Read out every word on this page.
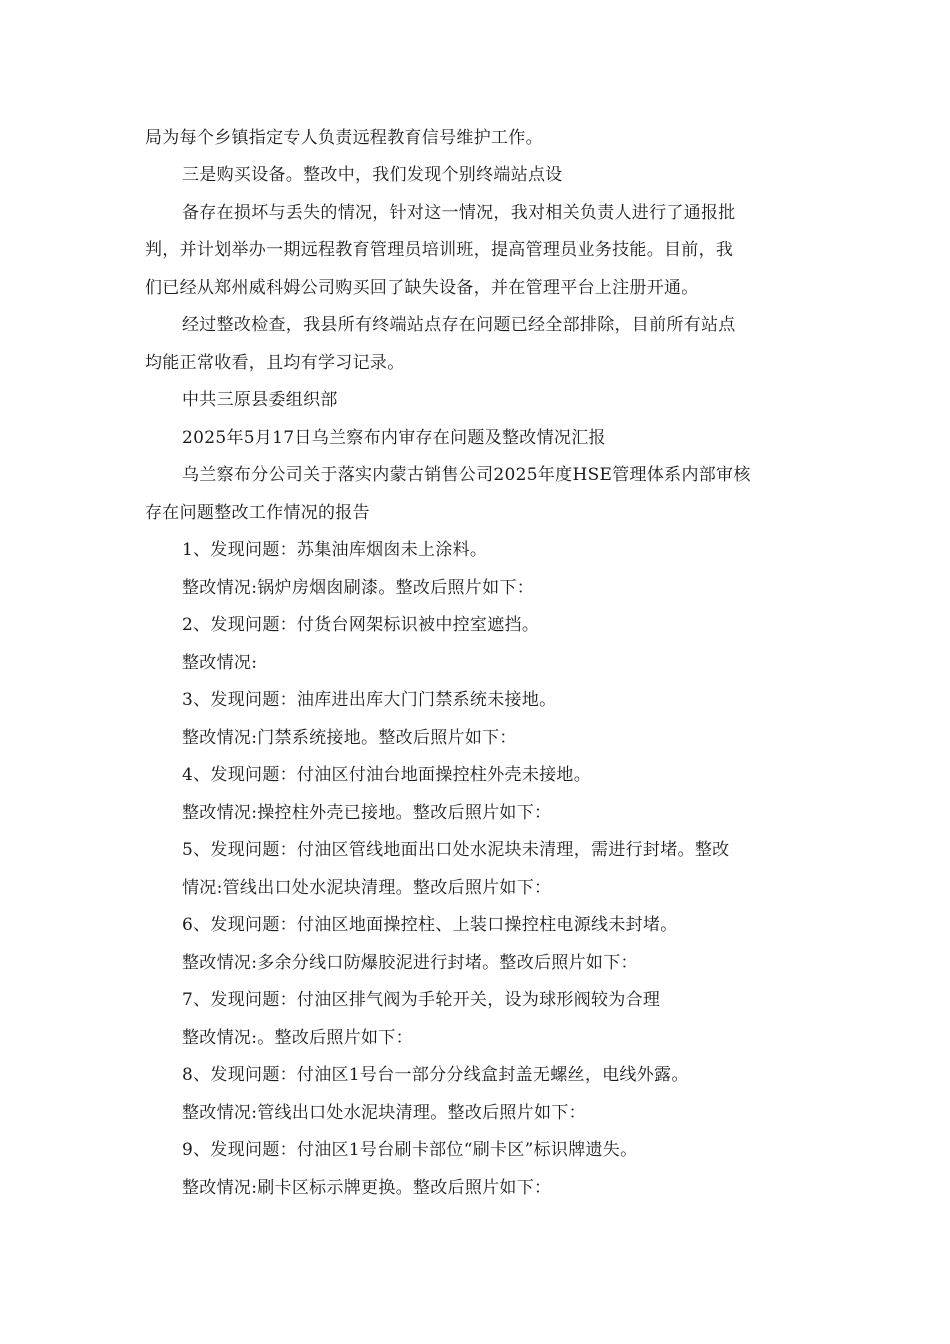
局为每个乡镇指定专人负责远程教育信号维护工作。
三是购买设备。整改中，我们发现个别终端站点设
备存在损坏与丢失的情况，针对这一情况，我对相关负责人进行了通报批
判，并计划举办一期远程教育管理员培训班，提高管理员业务技能。目前，我
们已经从郑州威科姆公司购买回了缺失设备，并在管理平台上注册开通。
经过整改检查，我县所有终端站点存在问题已经全部排除，目前所有站点
均能正常收看，且均有学习记录。
中共三原县委组织部
2025年5月17日乌兰察布内审存在问题及整改情况汇报
乌兰察布分公司关于落实内蒙古销售公司2025年度HSE管理体系内部审核
存在问题整改工作情况的报告
1、发现问题：苏集油库烟囱未上涂料。
整改情况:锅炉房烟囱刷漆。整改后照片如下：
2、发现问题：付货台网架标识被中控室遮挡。
整改情况:
3、发现问题：油库进出库大门门禁系统未接地。
整改情况:门禁系统接地。整改后照片如下：
4、发现问题：付油区付油台地面操控柱外壳未接地。
整改情况:操控柱外壳已接地。整改后照片如下：
5、发现问题：付油区管线地面出口处水泥块未清理，需进行封堵。整改
情况:管线出口处水泥块清理。整改后照片如下：
6、发现问题：付油区地面操控柱、上装口操控柱电源线未封堵。
整改情况:多余分线口防爆胶泥进行封堵。整改后照片如下：
7、发现问题：付油区排气阀为手轮开关，设为球形阀较为合理
整改情况:。整改后照片如下：
8、发现问题：付油区1号台一部分分线盒封盖无螺丝，电线外露。
整改情况:管线出口处水泥块清理。整改后照片如下：
9、发现问题：付油区1号台刷卡部位“刷卡区”标识牌遗失。
整改情况:刷卡区标示牌更换。整改后照片如下：
